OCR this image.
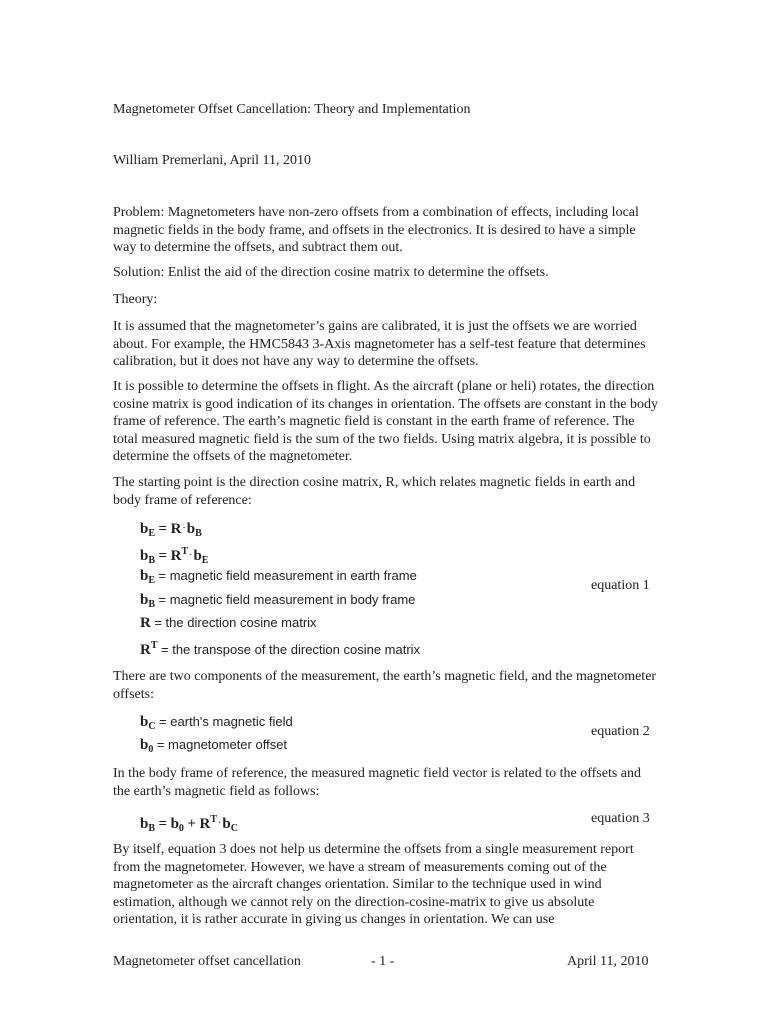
Magnetometer Offset Cancellation: Theory and Implementation

William Premerlani, April 11, 2010

Problem: Magnetometers have non-zero offsets from a combination of effects, including local magnetic fields in the body frame, and offsets in the electronics. It is desired to have a simple way to determine the offsets, and subtract them out.

Solution: Enlist the aid of the direction cosine matrix to determine the offsets.

Theory:

It is assumed that the magnetometer’s gains are calibrated, it is just the offsets we are worried about. For example, the HMC5843 3-Axis magnetometer has a self-test feature that determines calibration, but it does not have any way to determine the offsets.

It is possible to determine the offsets in flight. As the aircraft (plane or heli) rotates, the direction cosine matrix is good indication of its changes in orientation. The offsets are constant in the body frame of reference. The earth’s magnetic field is constant in the earth frame of reference. The total measured magnetic field is the sum of the two fields. Using matrix algebra, it is possible to determine the offsets of the magnetometer.

The starting point is the direction cosine matrix, R, which relates magnetic fields in earth and body frame of reference:

$b_E = R\cdot b_B$
$b_B = R^T\cdot b_E$
$b_E$ = magnetic field measurement in earth frame
$b_B$ = magnetic field measurement in body frame
R = the direction cosine matrix
$R^T$ = the transpose of the direction cosine matrix
equation 1

There are two components of the measurement, the earth’s magnetic field, and the magnetometer offsets:

$b_C$ = earth's magnetic field
$b_0$ = magnetometer offset
equation 2

In the body frame of reference, the measured magnetic field vector is related to the offsets and the earth’s magnetic field as follows:

$b_B = b_0 + R^T\cdot b_C$
equation 3

By itself, equation 3 does not help us determine the offsets from a single measurement report from the magnetometer. However, we have a stream of measurements coming out of the magnetometer as the aircraft changes orientation. Similar to the technique used in wind estimation, although we cannot rely on the direction-cosine-matrix to give us absolute orientation, it is rather accurate in giving us changes in orientation. We can use

Magnetometer offset cancellation	- 1 -	April 11, 2010
